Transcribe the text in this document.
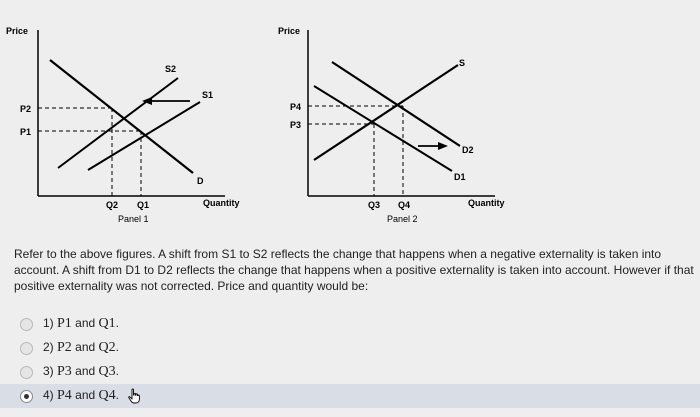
Price
Quantity
S2
S1
D
P2
P1
Q2 Q1
Panel 1
Price
Quantity
S
D2
D1
P4
P3
Q3 Q4
Panel 2
Refer to the above figures. A shift from S1 to S2 reflects the change that happens when a negative externality is taken into account. A shift from D1 to D2 reflects the change that happens when a positive externality is taken into account. However if that positive externality was not corrected. Price and quantity would be:
1) P1 and Q1.
2) P2 and Q2.
3) P3 and Q3.
4) P4 and Q4.
